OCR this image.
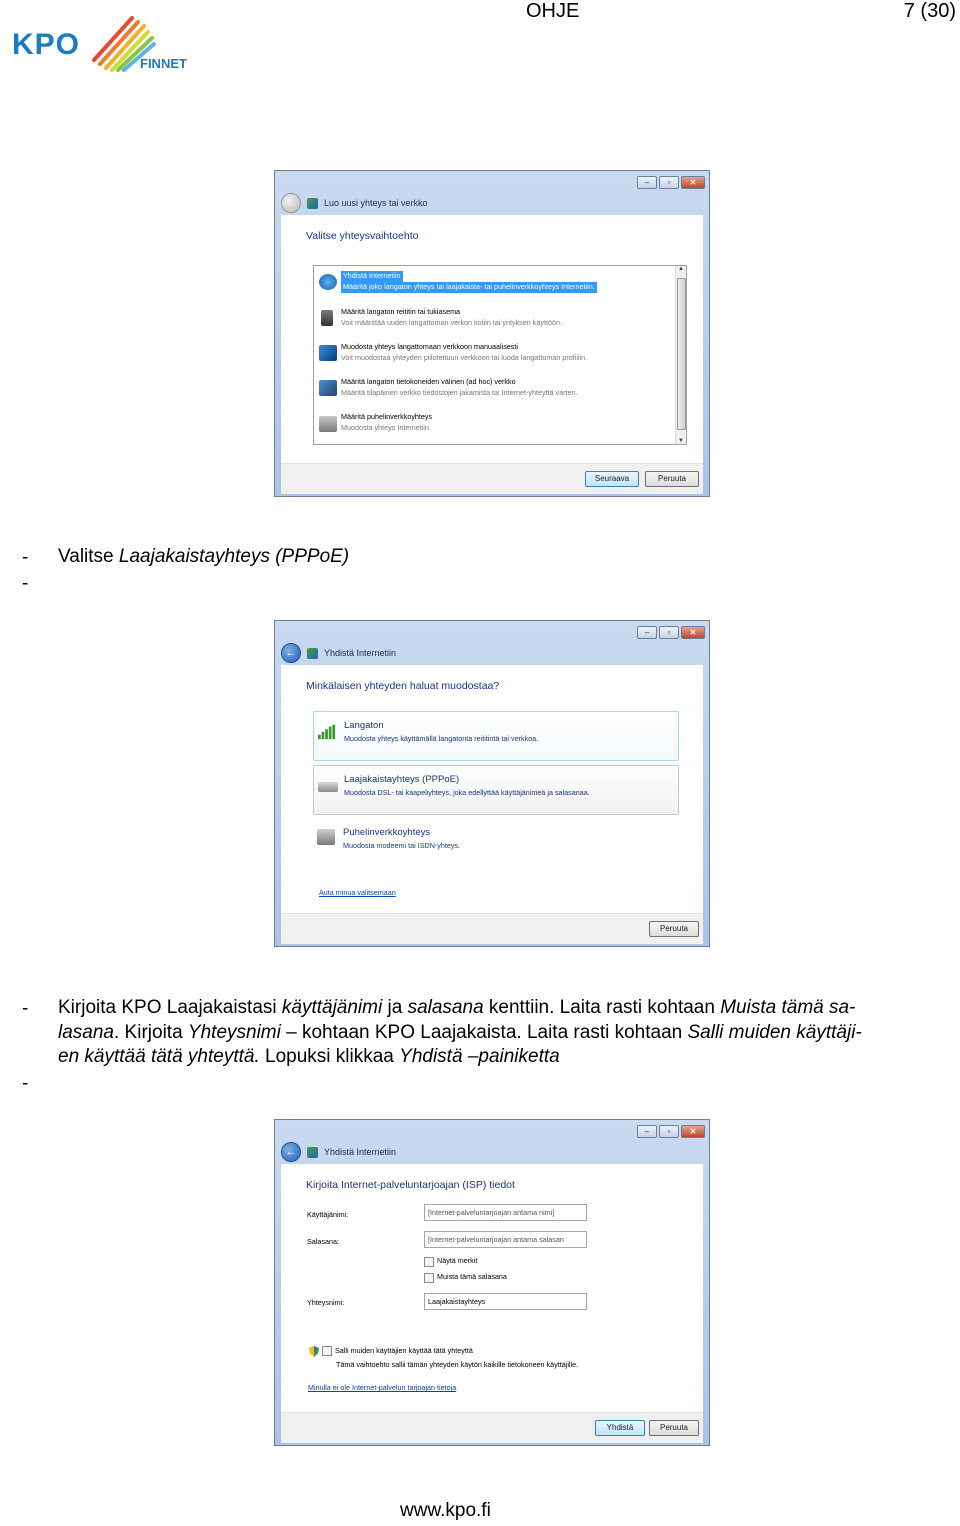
KPO
FINNET
OHJE	7 (30)
–	▫	✕
←	Luo uusi yhteys tai verkko
Valitse yhteysvaihtoehto
▲
▼
Yhdistä Internetiin
Määritä joko langaton yhteys tai laajakaista- tai puhelinverkkoyhteys Internetiin.
Määritä langaton reititin tai tukiasema
Voit määrittää uuden langattoman verkon kotiin tai yrityksen käyttöön.
Muodosta yhteys langattomaan verkkoon manuaalisesti
Voit muodostaa yhteyden piilotettuun verkkoon tai luoda langattoman profiilin.
Määritä langaton tietokoneiden välinen (ad hoc) verkko
Määritä tilapäinen verkko tiedostojen jakamista tai Internet-yhteyttä varten.
Määritä puhelinverkkoyhteys
Muodosta yhteys Internetiin.
Seuraava	Peruuta
- Valitse Laajakaistayhteys (PPPoE)
-
–	▫	✕
←	Yhdistä Internetiin
Minkälaisen yhteyden haluat muodostaa?
Langaton
Muodosta yhteys käyttämällä langatonta reititintä tai verkkoa.
Laajakaistayhteys (PPPoE)
Muodosta DSL- tai kaapeliyhteys, joka edellyttää käyttäjänimeä ja salasanaa.
Puhelinverkkoyhteys
Muodosta modeemi tai ISDN-yhteys.
Auta minua valitsemaan
Peruuta
- Kirjoita KPO Laajakaistasi käyttäjänimi ja salasana kenttiin. Laita rasti kohtaan Muista tämä sa-
lasana. Kirjoita Yhteysnimi – kohtaan KPO Laajakaista. Laita rasti kohtaan Salli muiden käyttäji-
en käyttää tätä yhteyttä. Lopuksi klikkaa Yhdistä –painiketta
-
–	▫	✕
←	Yhdistä Internetiin
Kirjoita Internet-palveluntarjoajan (ISP) tiedot
Käyttäjänimi:	[Internet-palveluntarjoajan antama nimi]
Salasana:	[Internet-palveluntarjoajan antama salasan
Näytä merkit
Muista tämä salasana
Yhteysnimi:	Laajakaistayhteys
Salli muiden käyttäjien käyttää tätä yhteyttä
Tämä vaihtoehto sallii tämän yhteyden käytön kaikille tietokoneen käyttäjille.
Minulla ei ole Internet-palvelun tarjoajan tietoja
Yhdistä	Peruuta
www.kpo.fi
